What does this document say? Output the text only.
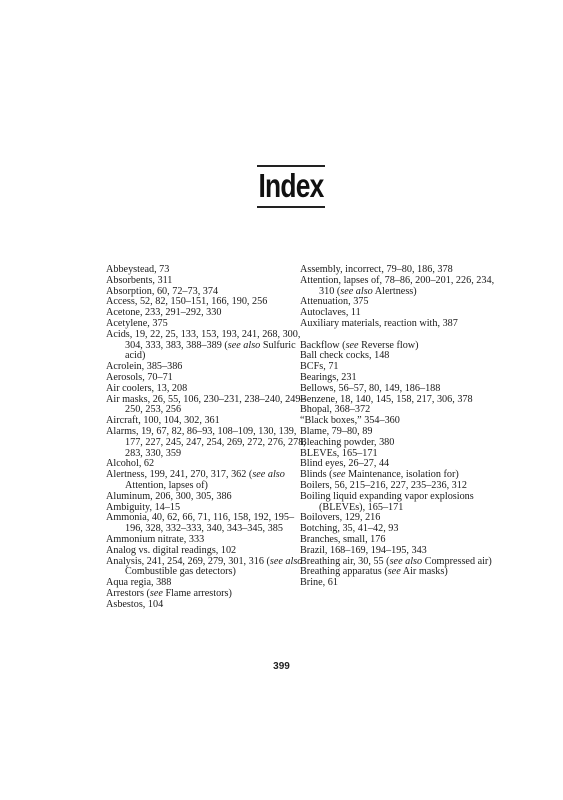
Index
Abbeystead, 73
Absorbents, 311
Absorption, 60, 72–73, 374
Access, 52, 82, 150–151, 166, 190, 256
Acetone, 233, 291–292, 330
Acetylene, 375
Acids, 19, 22, 25, 133, 153, 193, 241, 268, 300, 304, 333, 383, 388–389 (see also Sulfuric acid)
Acrolein, 385–386
Aerosols, 70–71
Air coolers, 13, 208
Air masks, 26, 55, 106, 230–231, 238–240, 249–250, 253, 256
Aircraft, 100, 104, 302, 361
Alarms, 19, 67, 82, 86–93, 108–109, 130, 139, 177, 227, 245, 247, 254, 269, 272, 276, 278, 283, 330, 359
Alcohol, 62
Alertness, 199, 241, 270, 317, 362 (see also Attention, lapses of)
Aluminum, 206, 300, 305, 386
Ambiguity, 14–15
Ammonia, 40, 62, 66, 71, 116, 158, 192, 195–196, 328, 332–333, 340, 343–345, 385
Ammonium nitrate, 333
Analog vs. digital readings, 102
Analysis, 241, 254, 269, 279, 301, 316 (see also Combustible gas detectors)
Aqua regia, 388
Arrestors (see Flame arrestors)
Asbestos, 104
Assembly, incorrect, 79–80, 186, 378
Attention, lapses of, 78–86, 200–201, 226, 234, 310 (see also Alertness)
Attenuation, 375
Autoclaves, 11
Auxiliary materials, reaction with, 387
Backflow (see Reverse flow)
Ball check cocks, 148
BCFs, 71
Bearings, 231
Bellows, 56–57, 80, 149, 186–188
Benzene, 18, 140, 145, 158, 217, 306, 378
Bhopal, 368–372
“Black boxes,” 354–360
Blame, 79–80, 89
Bleaching powder, 380
BLEVEs, 165–171
Blind eyes, 26–27, 44
Blinds (see Maintenance, isolation for)
Boilers, 56, 215–216, 227, 235–236, 312
Boiling liquid expanding vapor explosions (BLEVEs), 165–171
Boilovers, 129, 216
Botching, 35, 41–42, 93
Branches, small, 176
Brazil, 168–169, 194–195, 343
Breathing air, 30, 55 (see also Compressed air)
Breathing apparatus (see Air masks)
Brine, 61
399
